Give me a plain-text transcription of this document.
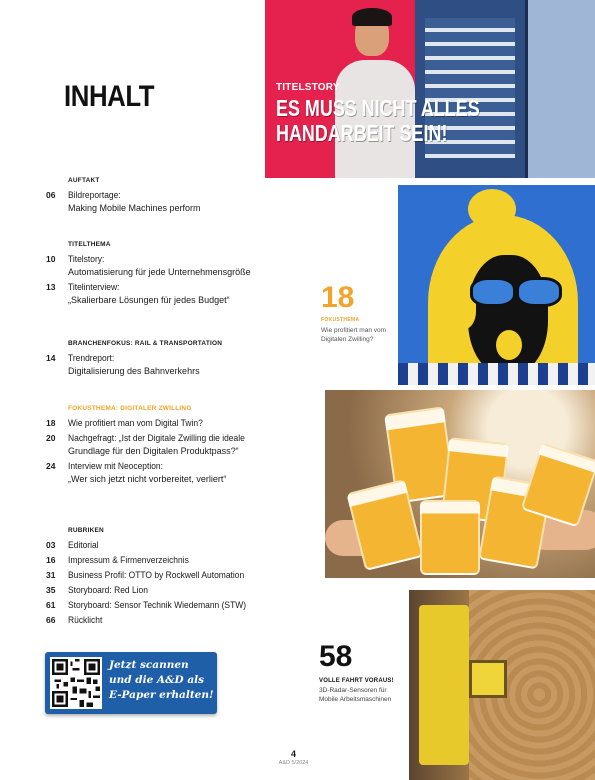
INHALT	TITELSTORY
ES MUSS NICHT ALLES
HANDARBEIT SEIN!
AUFTAKT
06	Bildreportage:
Making Mobile Machines perform
TITELTHEMA
10	Titelstory:
Automatisierung für jede Unternehmensgröße
13	Titelinterview:
„Skalierbare Lösungen für jedes Budget“
BRANCHENFOKUS: RAIL & TRANSPORTATION
14	Trendreport:
Digitalisierung des Bahnverkehrs
FOKUSTHEMA: DIGITALER ZWILLING
18	Wie profitiert man vom Digital Twin?
20	Nachgefragt: „Ist der Digitale Zwilling die ideale
Grundlage für den Digitalen Produktpass?“
24	Interview mit Neoception:
„Wer sich jetzt nicht vorbereitet, verliert“
RUBRIKEN
03	Editorial
16	Impressum & Firmenverzeichnis
31	Business Profil: OTTO by Rockwell Automation
35	Storyboard: Red Lion
61	Storyboard: Sensor Technik Wiedemann (STW)
66	Rücklicht
18
FOKUSTHEMA
Wie profitiert man vom
Digitalen Zwilling?
58
VOLLE FAHRT VORAUS!
3D-Radar-Sensoren für
Mobile Arbeitsmaschinen
Jetzt scannen
und die A&D als
E-Paper erhalten!
4
A&D 5/2024
